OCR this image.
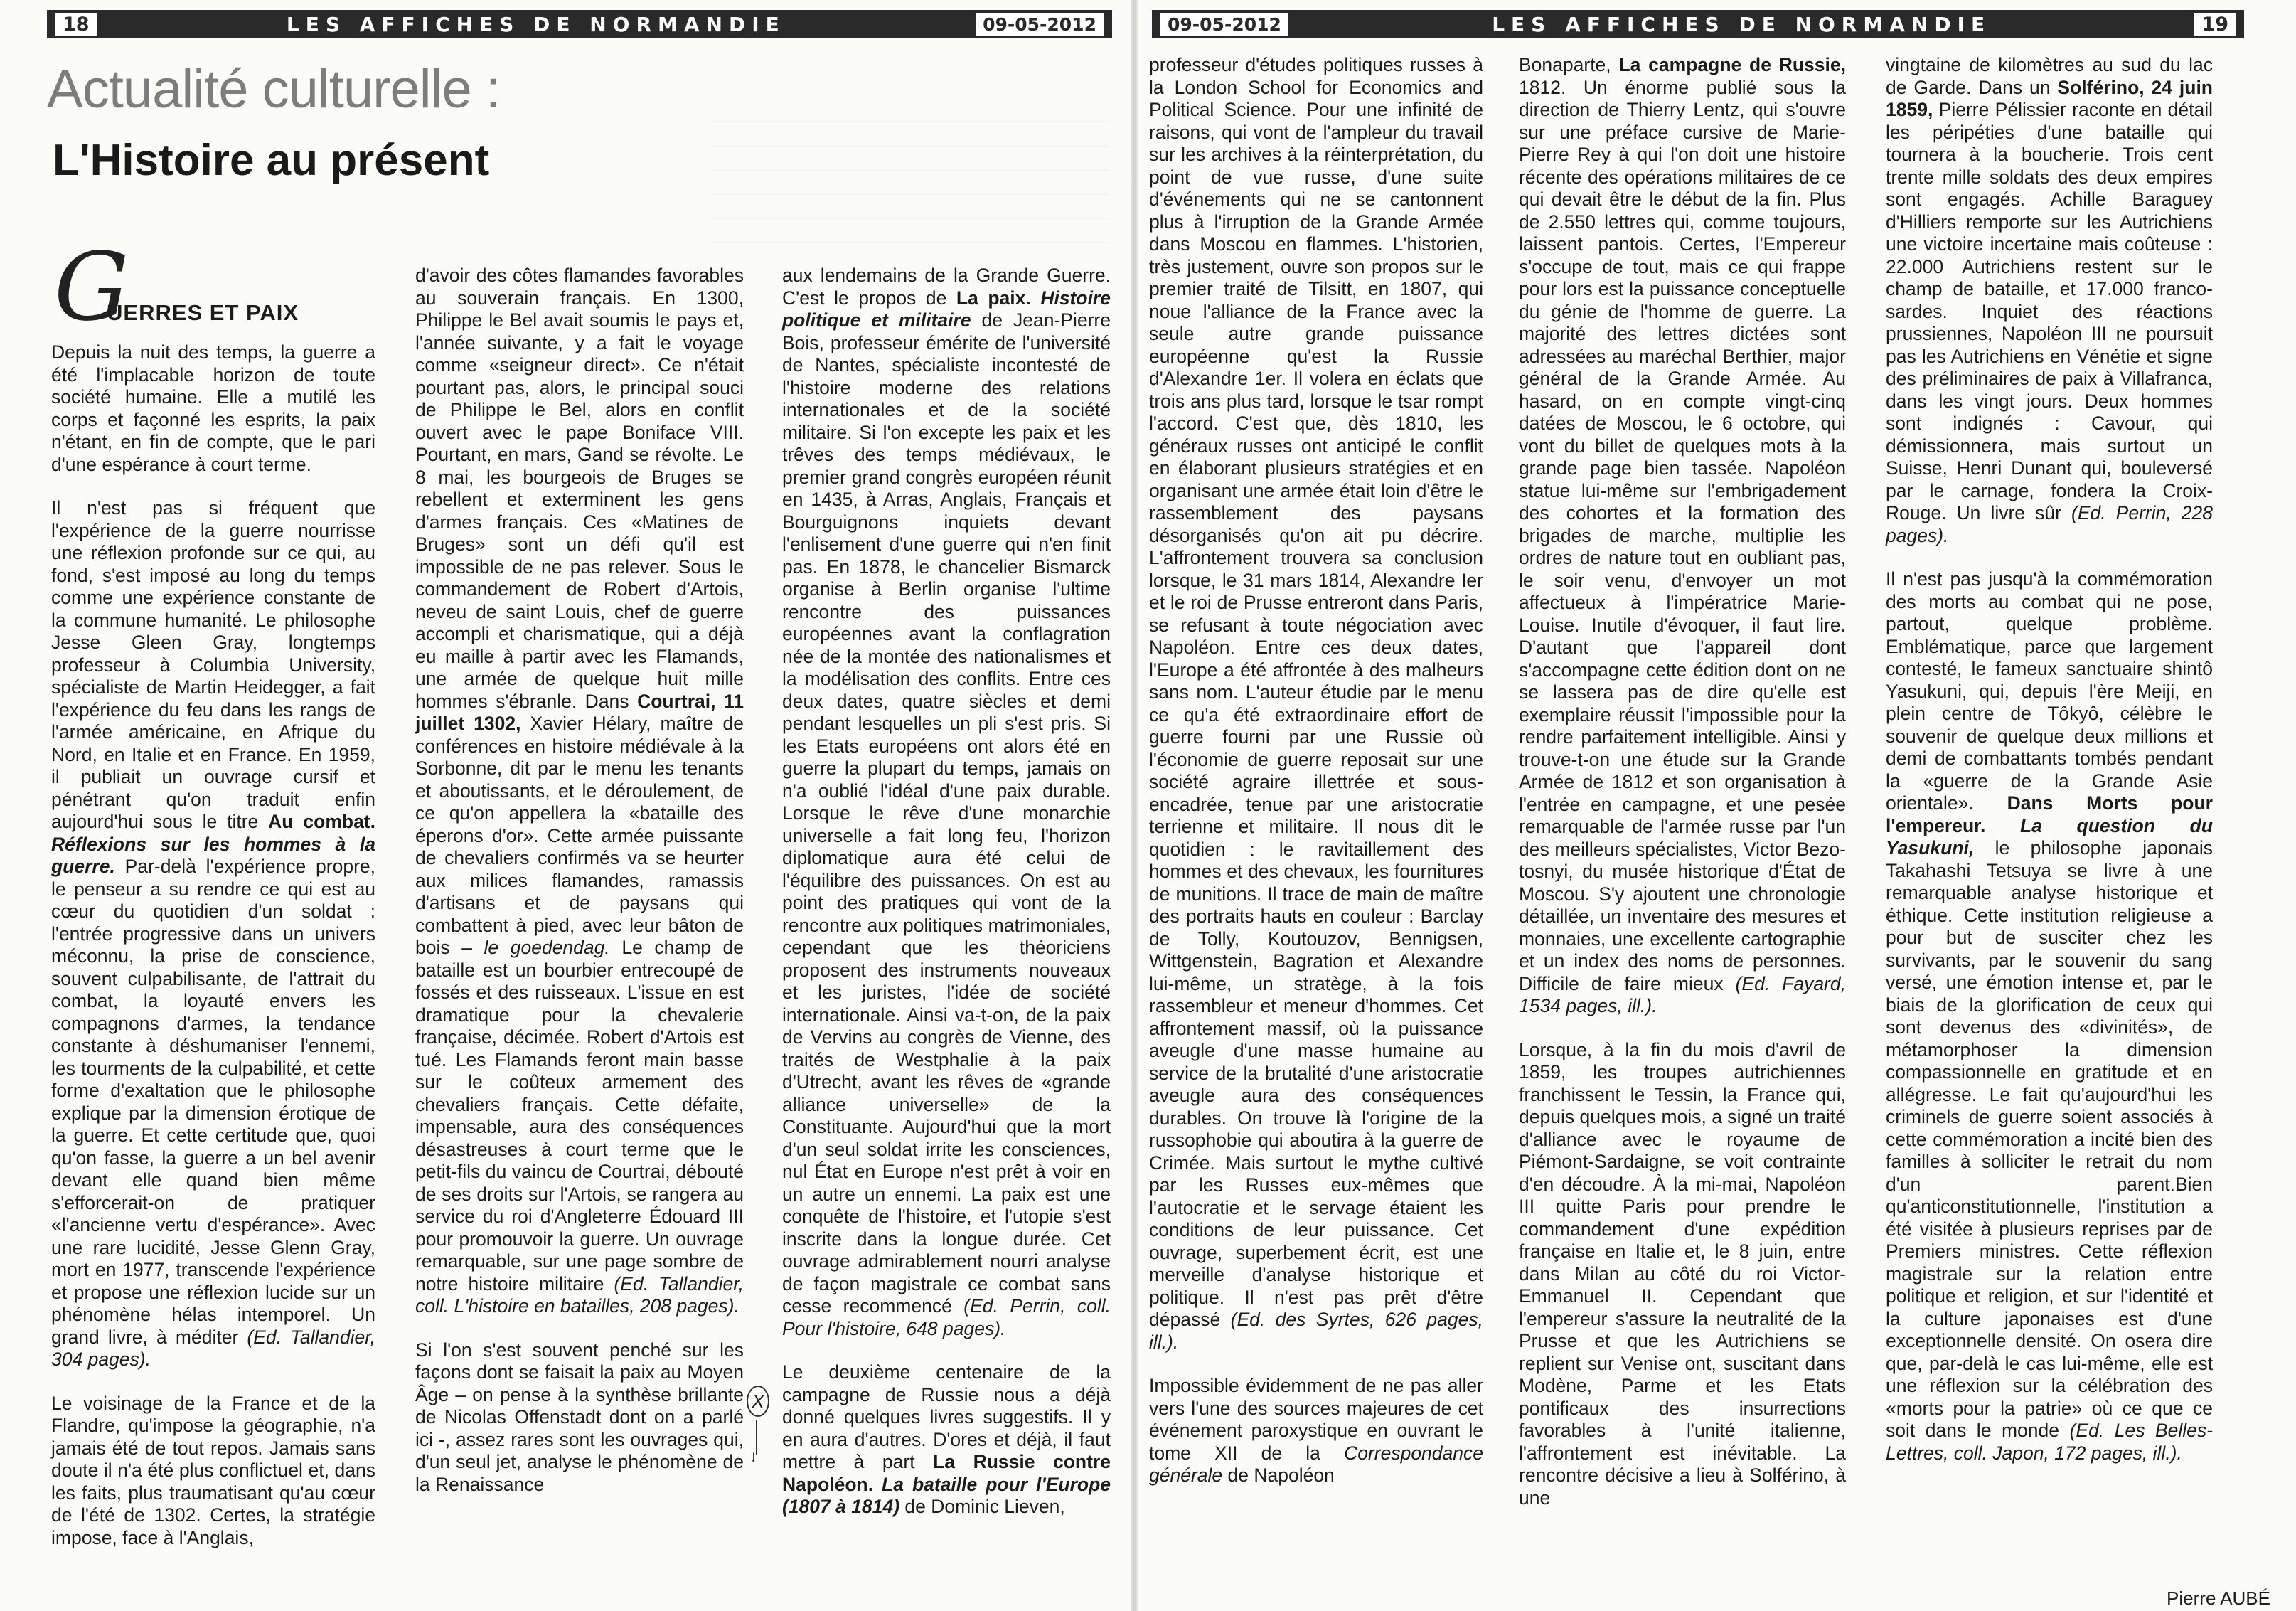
18	LES AFFICHES DE NORMANDIE	09-05-2012
Actualité culturelle :
L'Histoire au présent
G
UERRES ET PAIX

Depuis la nuit des temps, la guerre a été l'implacable horizon de toute société humaine. Elle a mutilé les corps et façonné les esprits, la paix n'étant, en fin de compte, que le pari d'une espérance à court terme.

Il n'est pas si fréquent que l'expérience de la guerre nourrisse une réflexion profonde sur ce qui, au fond, s'est imposé au long du temps comme une expérience constante de la commune humanité. Le philosophe Jesse Gleen Gray, longtemps professeur à Columbia University, spécialiste de Martin Heidegger, a fait l'expérience du feu dans les rangs de l'armée américaine, en Afrique du Nord, en Italie et en France. En 1959, il publiait un ouvrage cursif et pénétrant qu'on traduit enfin aujourd'hui sous le titre Au combat. Réflexions sur les hommes à la guerre. Par-delà l'expérience propre, le penseur a su rendre ce qui est au cœur du quotidien d'un soldat : l'entrée progressive dans un univers méconnu, la prise de conscience, souvent culpabilisante, de l'attrait du combat, la loyauté envers les compagnons d'armes, la tendance constante à déshumaniser l'ennemi, les tourments de la culpabilité, et cette forme d'exaltation que le philosophe explique par la dimension érotique de la guerre. Et cette certitude que, quoi qu'on fasse, la guerre a un bel avenir devant elle quand bien même s'efforcerait-on de pratiquer «l'ancienne vertu d'espérance». Avec une rare lucidité, Jesse Glenn Gray, mort en 1977, transcende l'expérience et propose une réflexion lucide sur un phénomène hélas intemporel. Un grand livre, à méditer (Ed. Tallandier, 304 pages).

Le voisinage de la France et de la Flandre, qu'impose la géographie, n'a jamais été de tout repos. Jamais sans doute il n'a été plus conflictuel et, dans les faits, plus traumatisant qu'au cœur de l'été de 1302. Certes, la stratégie impose, face à l'Anglais,

d'avoir des côtes flamandes favorables au souverain français. En 1300, Philippe le Bel avait soumis le pays et, l'année suivante, y a fait le voyage comme «seigneur direct». Ce n'était pourtant pas, alors, le principal souci de Philippe le Bel, alors en conflit ouvert avec le pape Boniface VIII. Pourtant, en mars, Gand se révolte. Le 8 mai, les bourgeois de Bruges se rebellent et exterminent les gens d'armes français. Ces «Matines de Bruges» sont un défi qu'il est impossible de ne pas relever. Sous le commandement de Robert d'Artois, neveu de saint Louis, chef de guerre accompli et charismatique, qui a déjà eu maille à partir avec les Flamands, une armée de quelque huit mille hommes s'ébranle. Dans Courtrai, 11 juillet 1302, Xavier Hélary, maître de conférences en histoire médiévale à la Sorbonne, dit par le menu les tenants et aboutissants, et le déroulement, de ce qu'on appellera la «bataille des éperons d'or». Cette armée puissante de chevaliers confirmés va se heurter aux milices flamandes, ramassis d'artisans et de paysans qui combattent à pied, avec leur bâton de bois – le goedendag. Le champ de bataille est un bourbier entrecoupé de fossés et des ruisseaux. L'issue en est dramatique pour la chevalerie française, décimée. Robert d'Artois est tué. Les Flamands feront main basse sur le coûteux armement des chevaliers français. Cette défaite, impensable, aura des conséquences désastreuses à court terme que le petit-fils du vaincu de Courtrai, débouté de ses droits sur l'Artois, se rangera au service du roi d'Angleterre Édouard III pour promouvoir la guerre. Un ouvrage remarquable, sur une page sombre de notre histoire militaire (Ed. Tallandier, coll. L'histoire en batailles, 208 pages).

Si l'on s'est souvent penché sur les façons dont se faisait la paix au Moyen Âge – on pense à la synthèse brillante de Nicolas Offenstadt dont on a parlé ici -, assez rares sont les ouvrages qui, d'un seul jet, analyse le phénomène de la Renaissance

aux lendemains de la Grande Guerre. C'est le propos de La paix. Histoire politique et militaire de Jean-Pierre Bois, professeur émérite de l'université de Nantes, spécialiste incontesté de l'histoire moderne des relations internationales et de la société militaire. Si l'on excepte les paix et les trêves des temps médiévaux, le premier grand congrès européen réunit en 1435, à Arras, Anglais, Français et Bourguignons inquiets devant l'enlisement d'une guerre qui n'en finit pas. En 1878, le chancelier Bismarck organise à Berlin organise l'ultime rencontre des puissances européennes avant la conflagration née de la montée des nationalismes et la modélisation des conflits. Entre ces deux dates, quatre siècles et demi pendant lesquelles un pli s'est pris. Si les Etats européens ont alors été en guerre la plupart du temps, jamais on n'a oublié l'idéal d'une paix durable. Lorsque le rêve d'une monarchie universelle a fait long feu, l'horizon diplomatique aura été celui de l'équilibre des puissances. On est au point des pratiques qui vont de la rencontre aux politiques matrimoniales, cependant que les théoriciens proposent des instruments nouveaux et les juristes, l'idée de société internationale. Ainsi va-t-on, de la paix de Vervins au congrès de Vienne, des traités de Westphalie à la paix d'Utrecht, avant les rêves de «grande alliance universelle» de la Constituante. Aujourd'hui que la mort d'un seul soldat irrite les consciences, nul État en Europe n'est prêt à voir en un autre un ennemi. La paix est une conquête de l'histoire, et l'utopie s'est inscrite dans la longue durée. Cet ouvrage admirablement nourri analyse de façon magistrale ce combat sans cesse recommencé (Ed. Perrin, coll. Pour l'histoire, 648 pages).

Le deuxième centenaire de la campagne de Russie nous a déjà donné quelques livres suggestifs. Il y en aura d'autres. D'ores et déjà, il faut mettre à part La Russie contre Napoléon. La bataille pour l'Europe (1807 à 1814) de Dominic Lieven,

X
↓
09-05-2012	LES AFFICHES DE NORMANDIE	19

professeur d'études politiques russes à la London School for Economics and Political Science. Pour une infinité de raisons, qui vont de l'ampleur du travail sur les archives à la réinterprétation, du point de vue russe, d'une suite d'événements qui ne se cantonnent plus à l'irruption de la Grande Armée dans Moscou en flammes. L'historien, très justement, ouvre son propos sur le premier traité de Tilsitt, en 1807, qui noue l'alliance de la France avec la seule autre grande puissance européenne qu'est la Russie d'Alexandre 1er. Il volera en éclats que trois ans plus tard, lorsque le tsar rompt l'accord. C'est que, dès 1810, les généraux russes ont anticipé le conflit en élaborant plusieurs stratégies et en organisant une armée était loin d'être le rassemblement des paysans désorganisés qu'on ait pu décrire. L'affrontement trouvera sa conclusion lorsque, le 31 mars 1814, Alexandre Ier et le roi de Prusse entreront dans Paris, se refusant à toute négociation avec Napoléon. Entre ces deux dates, l'Europe a été affrontée à des malheurs sans nom. L'auteur étudie par le menu ce qu'a été extraordinaire effort de guerre fourni par une Russie où l'économie de guerre reposait sur une société agraire illettrée et sous-encadrée, tenue par une aristocratie terrienne et militaire. Il nous dit le quotidien : le ravitaillement des hommes et des chevaux, les fournitures de munitions. Il trace de main de maître des portraits hauts en couleur : Barclay de Tolly, Koutouzov, Bennigsen, Wittgenstein, Bagration et Alexandre lui-même, un stratège, à la fois rassembleur et meneur d'hommes. Cet affrontement massif, où la puissance aveugle d'une masse humaine au service de la brutalité d'une aristocratie aveugle aura des conséquences durables. On trouve là l'origine de la russophobie qui aboutira à la guerre de Crimée. Mais surtout le mythe cultivé par les Russes eux-mêmes que l'autocratie et le servage étaient les conditions de leur puissance. Cet ouvrage, superbement écrit, est une merveille d'analyse historique et politique. Il n'est pas prêt d'être dépassé (Ed. des Syrtes, 626 pages, ill.).

Impossible évidemment de ne pas aller vers l'une des sources majeures de cet événement paroxystique en ouvrant le tome XII de la Correspondance générale de Napoléon

Bonaparte, La campagne de Russie, 1812. Un énorme publié sous la direction de Thierry Lentz, qui s'ouvre sur une préface cursive de Marie-Pierre Rey à qui l'on doit une histoire récente des opérations militaires de ce qui devait être le début de la fin. Plus de 2.550 lettres qui, comme toujours, laissent pantois. Certes, l'Empereur s'occupe de tout, mais ce qui frappe pour lors est la puissance conceptuelle du génie de l'homme de guerre. La majorité des lettres dictées sont adressées au maréchal Berthier, major général de la Grande Armée. Au hasard, on en compte vingt-cinq datées de Moscou, le 6 octobre, qui vont du billet de quelques mots à la grande page bien tassée. Napoléon statue lui-même sur l'embrigadement des cohortes et la formation des brigades de marche, multiplie les ordres de nature tout en oubliant pas, le soir venu, d'envoyer un mot affectueux à l'impératrice Marie-Louise. Inutile d'évoquer, il faut lire. D'autant que l'appareil dont s'accompagne cette édition dont on ne se lassera pas de dire qu'elle est exemplaire réussit l'impossible pour la rendre parfaitement intelligible. Ainsi y trouve-t-on une étude sur la Grande Armée de 1812 et son organisation à l'entrée en campagne, et une pesée remarquable de l'armée russe par l'un des meilleurs spécialistes, Victor Bezo-tosnyi, du musée historique d'État de Moscou. S'y ajoutent une chronologie détaillée, un inventaire des mesures et monnaies, une excellente cartographie et un index des noms de personnes. Difficile de faire mieux (Ed. Fayard, 1534 pages, ill.).

Lorsque, à la fin du mois d'avril de 1859, les troupes autrichiennes franchissent le Tessin, la France qui, depuis quelques mois, a signé un traité d'alliance avec le royaume de Piémont-Sardaigne, se voit contrainte d'en découdre. À la mi-mai, Napoléon III quitte Paris pour prendre le commandement d'une expédition française en Italie et, le 8 juin, entre dans Milan au côté du roi Victor-Emmanuel II. Cependant que l'empereur s'assure la neutralité de la Prusse et que les Autrichiens se replient sur Venise ont, suscitant dans Modène, Parme et les Etats pontificaux des insurrections favorables à l'unité italienne, l'affrontement est inévitable. La rencontre décisive a lieu à Solférino, à une

vingtaine de kilomètres au sud du lac de Garde. Dans un Solférino, 24 juin 1859, Pierre Pélissier raconte en détail les péripéties d'une bataille qui tournera à la boucherie. Trois cent trente mille soldats des deux empires sont engagés. Achille Baraguey d'Hilliers remporte sur les Autrichiens une victoire incertaine mais coûteuse : 22.000 Autrichiens restent sur le champ de bataille, et 17.000 franco-sardes. Inquiet des réactions prussiennes, Napoléon III ne poursuit pas les Autrichiens en Vénétie et signe des préliminaires de paix à Villafranca, dans les vingt jours. Deux hommes sont indignés : Cavour, qui démissionnera, mais surtout un Suisse, Henri Dunant qui, bouleversé par le carnage, fondera la Croix-Rouge. Un livre sûr (Ed. Perrin, 228 pages).

Il n'est pas jusqu'à la commémoration des morts au combat qui ne pose, partout, quelque problème. Emblématique, parce que largement contesté, le fameux sanctuaire shintô Yasukuni, qui, depuis l'ère Meiji, en plein centre de Tôkyô, célèbre le souvenir de quelque deux millions et demi de combattants tombés pendant la «guerre de la Grande Asie orientale». Dans Morts pour l'empereur. La question du Yasukuni, le philosophe japonais Takahashi Tetsuya se livre à une remarquable analyse historique et éthique. Cette institution religieuse a pour but de susciter chez les survivants, par le souvenir du sang versé, une émotion intense et, par le biais de la glorification de ceux qui sont devenus des «divinités», de métamorphoser la dimension compassionnelle en gratitude et en allégresse. Le fait qu'aujourd'hui les criminels de guerre soient associés à cette commémoration a incité bien des familles à solliciter le retrait du nom d'un parent.Bien qu'anticonstitutionnelle, l'institution a été visitée à plusieurs reprises par de Premiers ministres. Cette réflexion magistrale sur la relation entre politique et religion, et sur l'identité et la culture japonaises est d'une exceptionnelle densité. On osera dire que, par-delà le cas lui-même, elle est une réflexion sur la célébration des «morts pour la patrie» où ce que ce soit dans le monde (Ed. Les Belles-Lettres, coll. Japon, 172 pages, ill.).

Pierre AUBÉ
